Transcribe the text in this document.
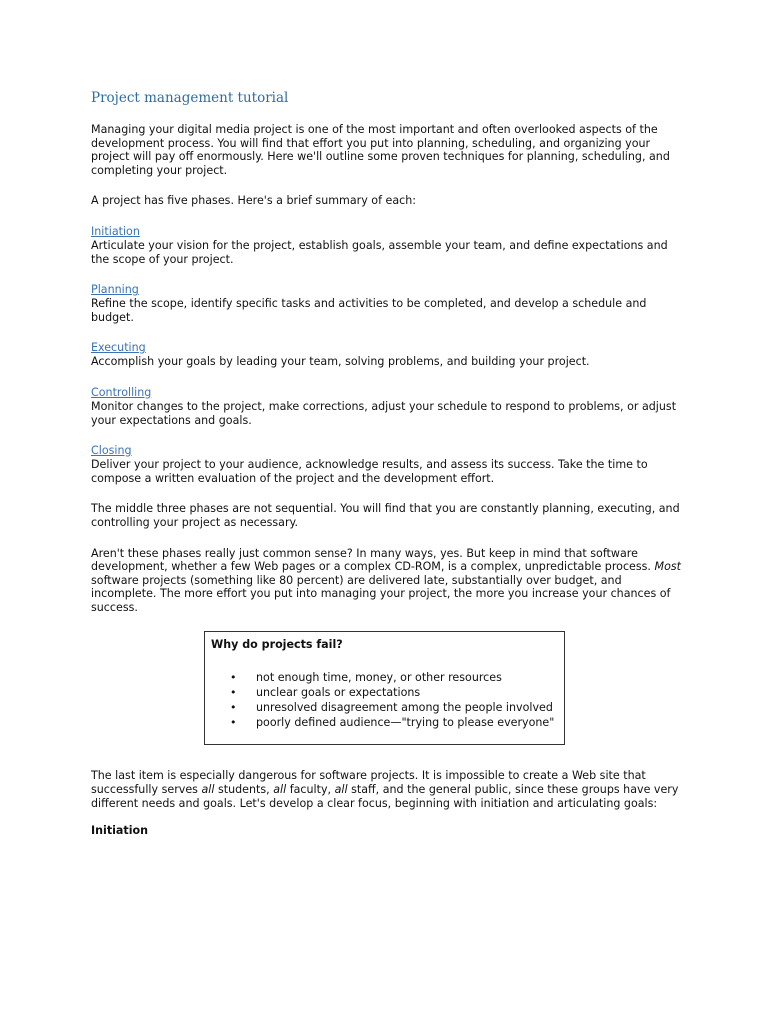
Project management tutorial

Managing your digital media project is one of the most important and often overlooked aspects of the development process. You will find that effort you put into planning, scheduling, and organizing your project will pay off enormously. Here we'll outline some proven techniques for planning, scheduling, and completing your project.

A project has five phases. Here's a brief summary of each:

Initiation

Articulate your vision for the project, establish goals, assemble your team, and define expectations and the scope of your project.

Planning

Refine the scope, identify specific tasks and activities to be completed, and develop a schedule and budget.

Executing

Accomplish your goals by leading your team, solving problems, and building your project.

Controlling

Monitor changes to the project, make corrections, adjust your schedule to respond to problems, or adjust your expectations and goals.

Closing

Deliver your project to your audience, acknowledge results, and assess its success. Take the time to compose a written evaluation of the project and the development effort.

The middle three phases are not sequential. You will find that you are constantly planning, executing, and controlling your project as necessary.

Aren't these phases really just common sense? In many ways, yes. But keep in mind that software development, whether a few Web pages or a complex CD-ROM, is a complex, unpredictable process. Most software projects (something like 80 percent) are delivered late, substantially over budget, and incomplete. The more effort you put into managing your project, the more you increase your chances of success.

Why do projects fail?
• not enough time, money, or other resources
• unclear goals or expectations
• unresolved disagreement among the people involved
• poorly defined audience—"trying to please everyone"

The last item is especially dangerous for software projects. It is impossible to create a Web site that successfully serves all students, all faculty, all staff, and the general public, since these groups have very different needs and goals. Let's develop a clear focus, beginning with initiation and articulating goals:

Initiation
